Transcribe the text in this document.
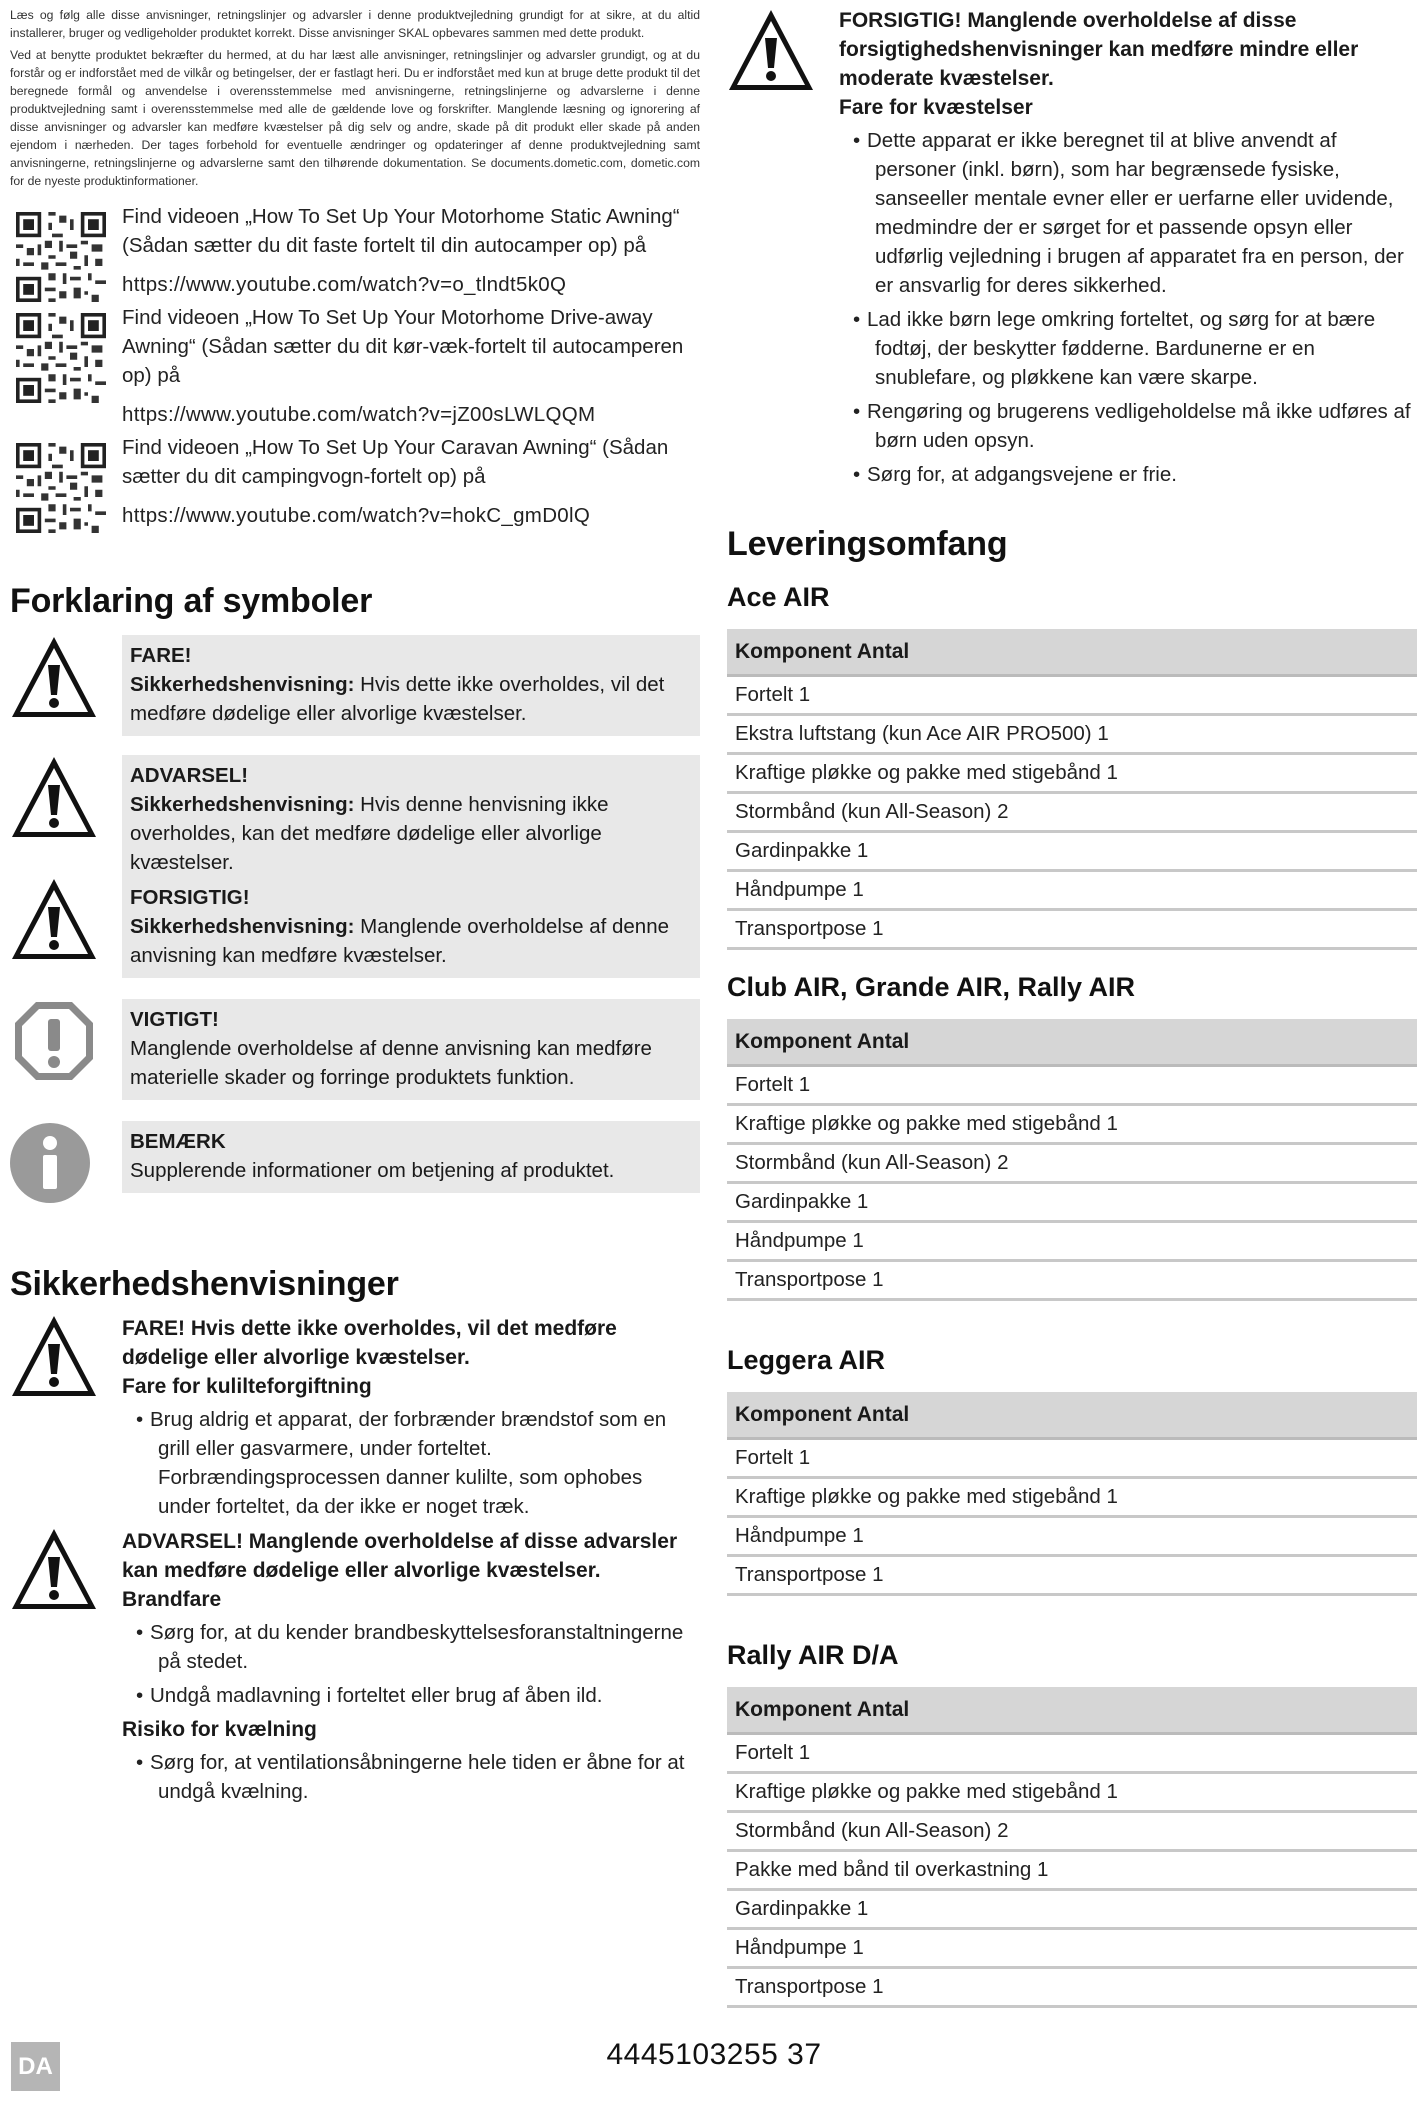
Læs og følg alle disse anvisninger, retningslinjer og advarsler i denne produktvejledning grundigt for at sikre, at du altid installerer, bruger og vedligeholder produktet korrekt. Disse anvisninger SKAL opbevares sammen med dette produkt.

Ved at benytte produktet bekræfter du hermed, at du har læst alle anvisninger, retningslinjer og advarsler grundigt, og at du forstår og er indforstået med de vilkår og betingelser, der er fastlagt heri. Du er indforstået med kun at bruge dette produkt til det beregnede formål og anvendelse i overensstemmelse med anvisningerne, retningslinjerne og advarslerne i denne produktvejledning samt i overensstemmelse med alle de gældende love og forskrifter. Manglende læsning og ignorering af disse anvisninger og advarsler kan medføre kvæstelser på dig selv og andre, skade på dit produkt eller skade på anden ejendom i nærheden. Der tages forbehold for eventuelle ændringer og opdateringer af denne produktvejledning samt anvisningerne, retningslinjerne og advarslerne samt den tilhørende dokumentation. Se documents.dometic.com, dometic.com for de nyeste produktinformationer.

Find videoen „How To Set Up Your Motorhome Static Awning“ (Sådan sætter du dit faste fortelt til din autocamper op) på

https://www.youtube.com/watch?v=o_tlndt5k0Q

Find videoen „How To Set Up Your Motorhome Drive-away Awning“ (Sådan sætter du dit kør-væk-fortelt til autocamperen op) på

https://www.youtube.com/watch?v=jZ00sLWLQQM

Find videoen „How To Set Up Your Caravan Awning“ (Sådan sætter du dit campingvogn-fortelt op) på

https://www.youtube.com/watch?v=hokC_gmD0lQ

Forklaring af symboler

FARE!

Sikkerhedshenvisning: Hvis dette ikke overholdes, vil det medføre dødelige eller alvorlige kvæstelser.

ADVARSEL!

Sikkerhedshenvisning: Hvis denne henvisning ikke overholdes, kan det medføre dødelige eller alvorlige kvæstelser.

FORSIGTIG!

Sikkerhedshenvisning: Manglende overholdelse af denne anvisning kan medføre kvæstelser.

VIGTIGT!

Manglende overholdelse af denne anvisning kan medføre materielle skader og forringe produktets funktion.

BEMÆRK

Supplerende informationer om betjening af produktet.

Sikkerhedshenvisninger

FARE! Hvis dette ikke overholdes, vil det medføre dødelige eller alvorlige kvæstelser.

Fare for kulilteforgiftning

• Brug aldrig et apparat, der forbrænder brændstof som en grill eller gasvarmere, under forteltet. Forbrændingsprocessen danner kulilte, som ophobes under forteltet, da der ikke er noget træk.

ADVARSEL! Manglende overholdelse af disse advarsler kan medføre dødelige eller alvorlige kvæstelser.

Brandfare

• Sørg for, at du kender brandbeskyttelsesforanstaltningerne på stedet.
• Undgå madlavning i forteltet eller brug af åben ild.

Risiko for kvælning

• Sørg for, at ventilationsåbningerne hele tiden er åbne for at undgå kvælning.

FORSIGTIG! Manglende overholdelse af disse forsigtighedshenvisninger kan medføre mindre eller moderate kvæstelser.

Fare for kvæstelser

• Dette apparat er ikke beregnet til at blive anvendt af personer (inkl. børn), som har begrænsede fysiske, sanseeller mentale evner eller er uerfarne eller uvidende, medmindre der er sørget for et passende opsyn eller udførlig vejledning i brugen af apparatet fra en person, der er ansvarlig for deres sikkerhed.
• Lad ikke børn lege omkring forteltet, og sørg for at bære fodtøj, der beskytter fødderne. Bardunerne er en snublefare, og pløkkene kan være skarpe.
• Rengøring og brugerens vedligeholdelse må ikke udføres af børn uden opsyn.
• Sørg for, at adgangsvejene er frie.
Leveringsomfang
Ace AIR
Komponent Antal
Fortelt 1
Ekstra luftstang (kun Ace AIR PRO500) 1
Kraftige pløkke og pakke med stigebånd 1
Stormbånd (kun All-Season) 2
Gardinpakke 1
Håndpumpe 1
Transportpose 1
Club AIR, Grande AIR, Rally AIR
Komponent Antal
Fortelt 1
Kraftige pløkke og pakke med stigebånd 1
Stormbånd (kun All-Season) 2
Gardinpakke 1
Håndpumpe 1
Transportpose 1
Leggera AIR
Komponent Antal
Fortelt 1
Kraftige pløkke og pakke med stigebånd 1
Håndpumpe 1
Transportpose 1
Rally AIR D/A
Komponent Antal
Fortelt 1
Kraftige pløkke og pakke med stigebånd 1
Stormbånd (kun All-Season) 2
Pakke med bånd til overkastning 1
Gardinpakke 1
Håndpumpe 1
Transportpose 1
DA	4445103255 37
